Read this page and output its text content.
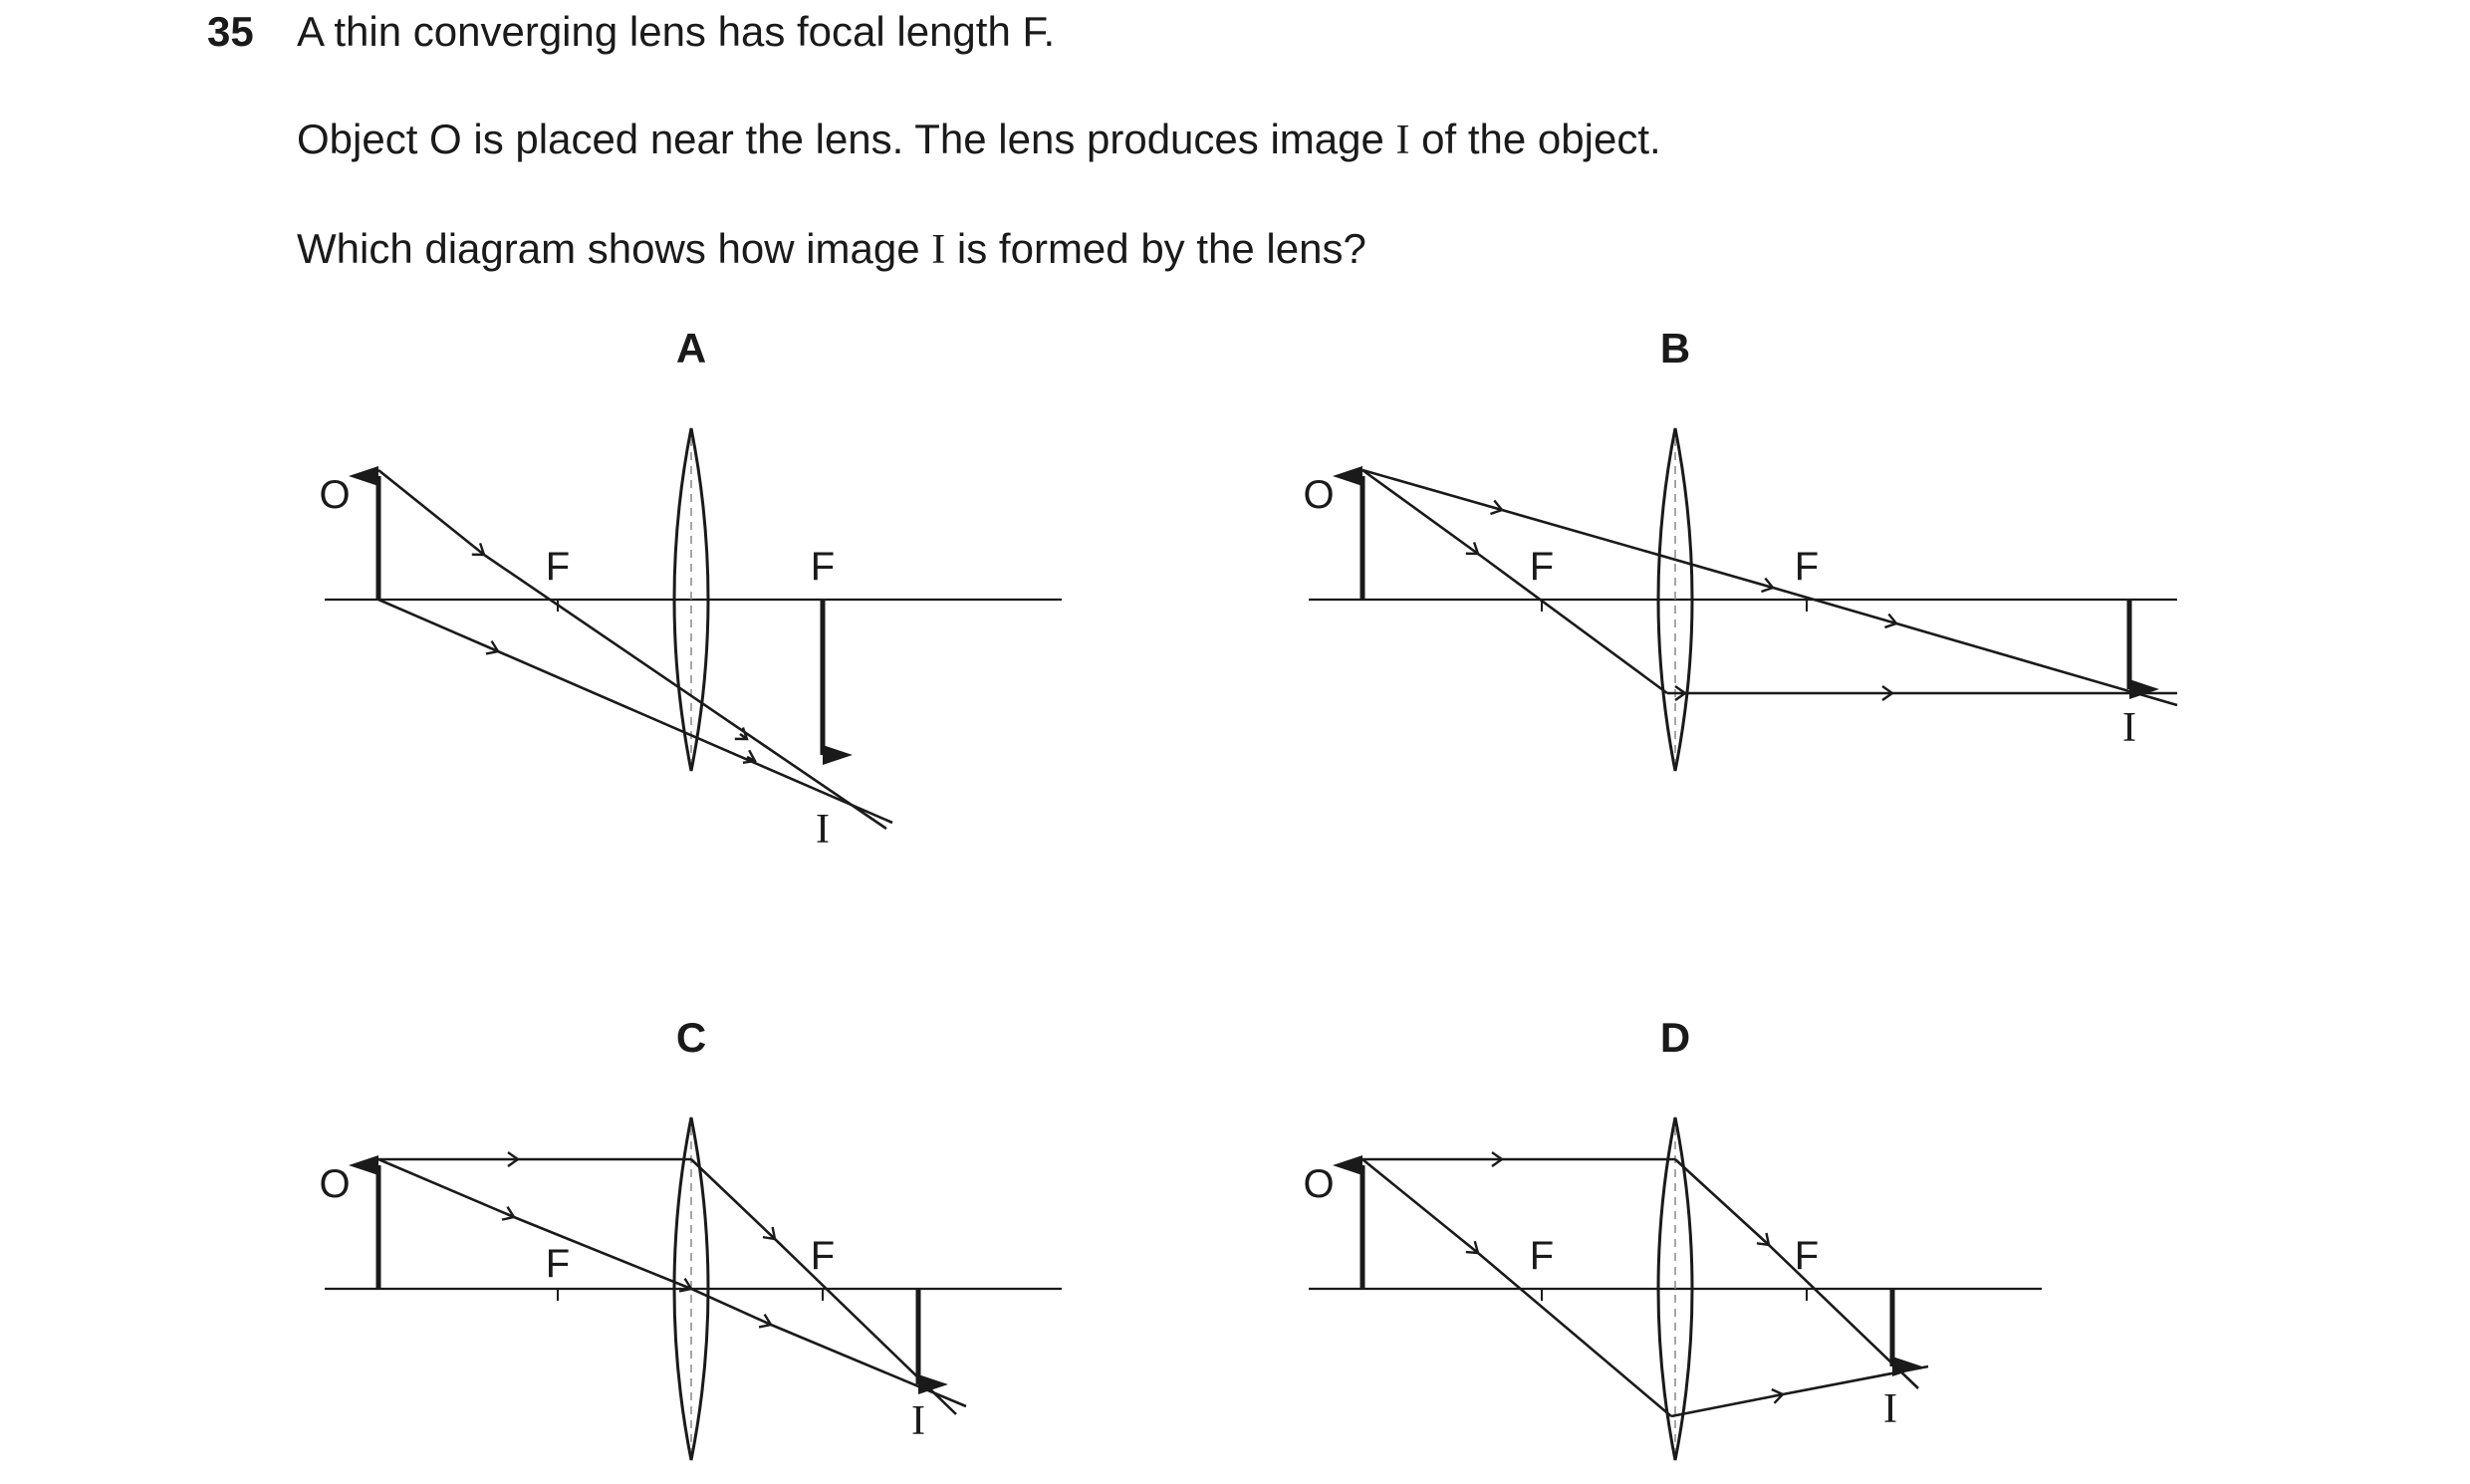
35 A thin converging lens has focal length F.
Object O is placed near the lens. The lens produces image I of the object.
Which diagram shows how image I is formed by the lens?
A	B
C	D
O
F	F
I
O
F	F
I
O
F	F
I
O
F	F
I
